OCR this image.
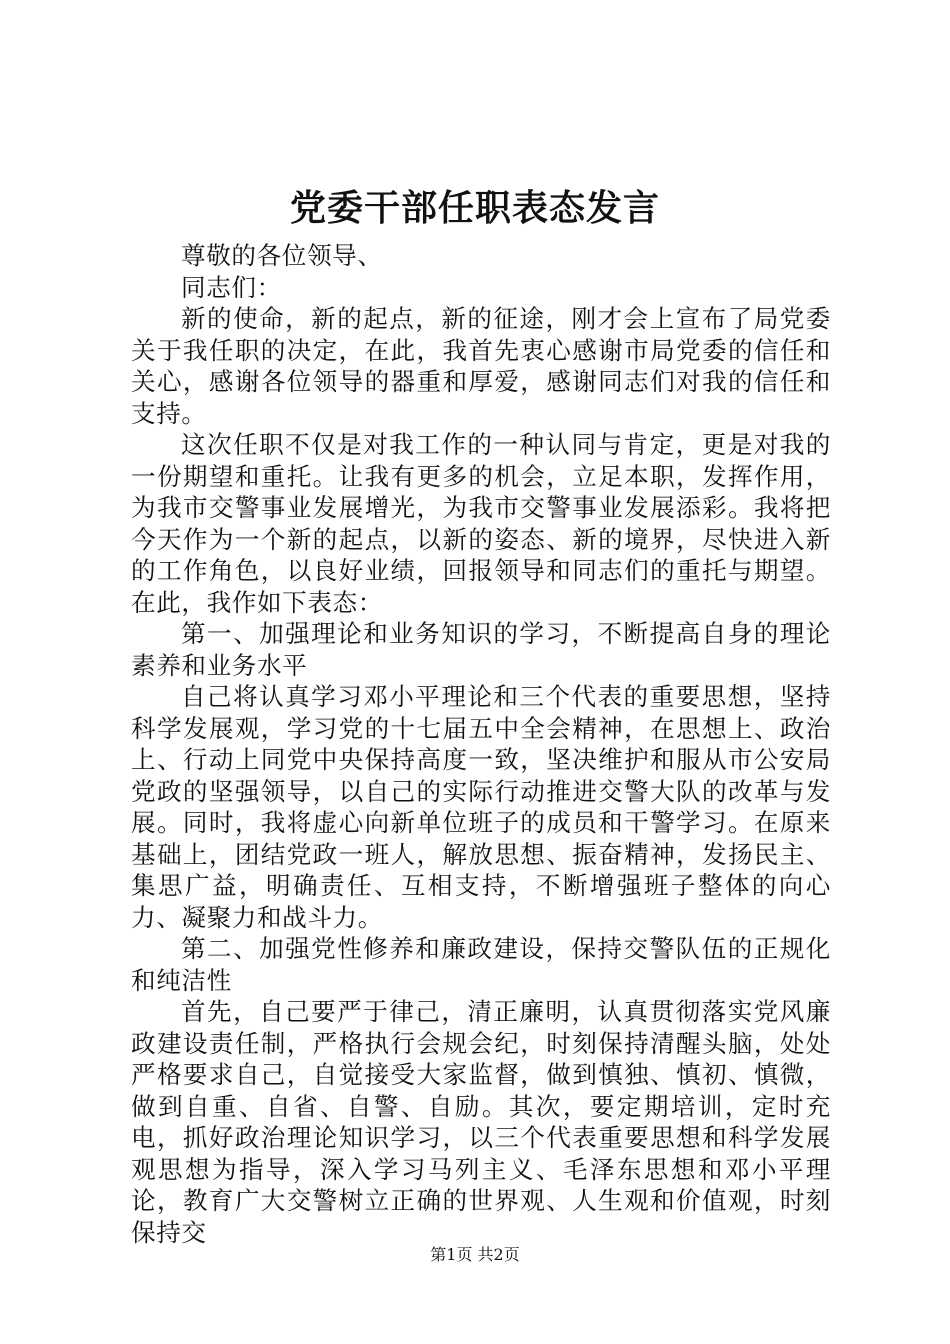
党委干部任职表态发言

尊敬的各位领导、

同志们：

新的使命，新的起点，新的征途，刚才会上宣布了局党委关于我任职的决定，在此，我首先衷心感谢市局党委的信任和关心，感谢各位领导的器重和厚爱，感谢同志们对我的信任和支持。

这次任职不仅是对我工作的一种认同与肯定，更是对我的一份期望和重托。让我有更多的机会，立足本职，发挥作用，为我市交警事业发展增光，为我市交警事业发展添彩。我将把今天作为一个新的起点，以新的姿态、新的境界，尽快进入新的工作角色，以良好业绩，回报领导和同志们的重托与期望。在此，我作如下表态：

第一、加强理论和业务知识的学习，不断提高自身的理论素养和业务水平

自己将认真学习邓小平理论和三个代表的重要思想，坚持科学发展观，学习党的十七届五中全会精神，在思想上、政治上、行动上同党中央保持高度一致，坚决维护和服从市公安局党政的坚强领导，以自己的实际行动推进交警大队的改革与发展。同时，我将虚心向新单位班子的成员和干警学习。在原来基础上，团结党政一班人，解放思想、振奋精神，发扬民主、集思广益，明确责任、互相支持，不断增强班子整体的向心力、凝聚力和战斗力。

第二、加强党性修养和廉政建设，保持交警队伍的正规化和纯洁性

首先，自己要严于律己，清正廉明，认真贯彻落实党风廉政建设责任制，严格执行会规会纪，时刻保持清醒头脑，处处严格要求自己，自觉接受大家监督，做到慎独、慎初、慎微，做到自重、自省、自警、自励。其次，要定期培训，定时充电，抓好政治理论知识学习，以三个代表重要思想和科学发展观思想为指导，深入学习马列主义、毛泽东思想和邓小平理论，教育广大交警树立正确的世界观、人生观和价值观，时刻保持交

第1页 共2页
